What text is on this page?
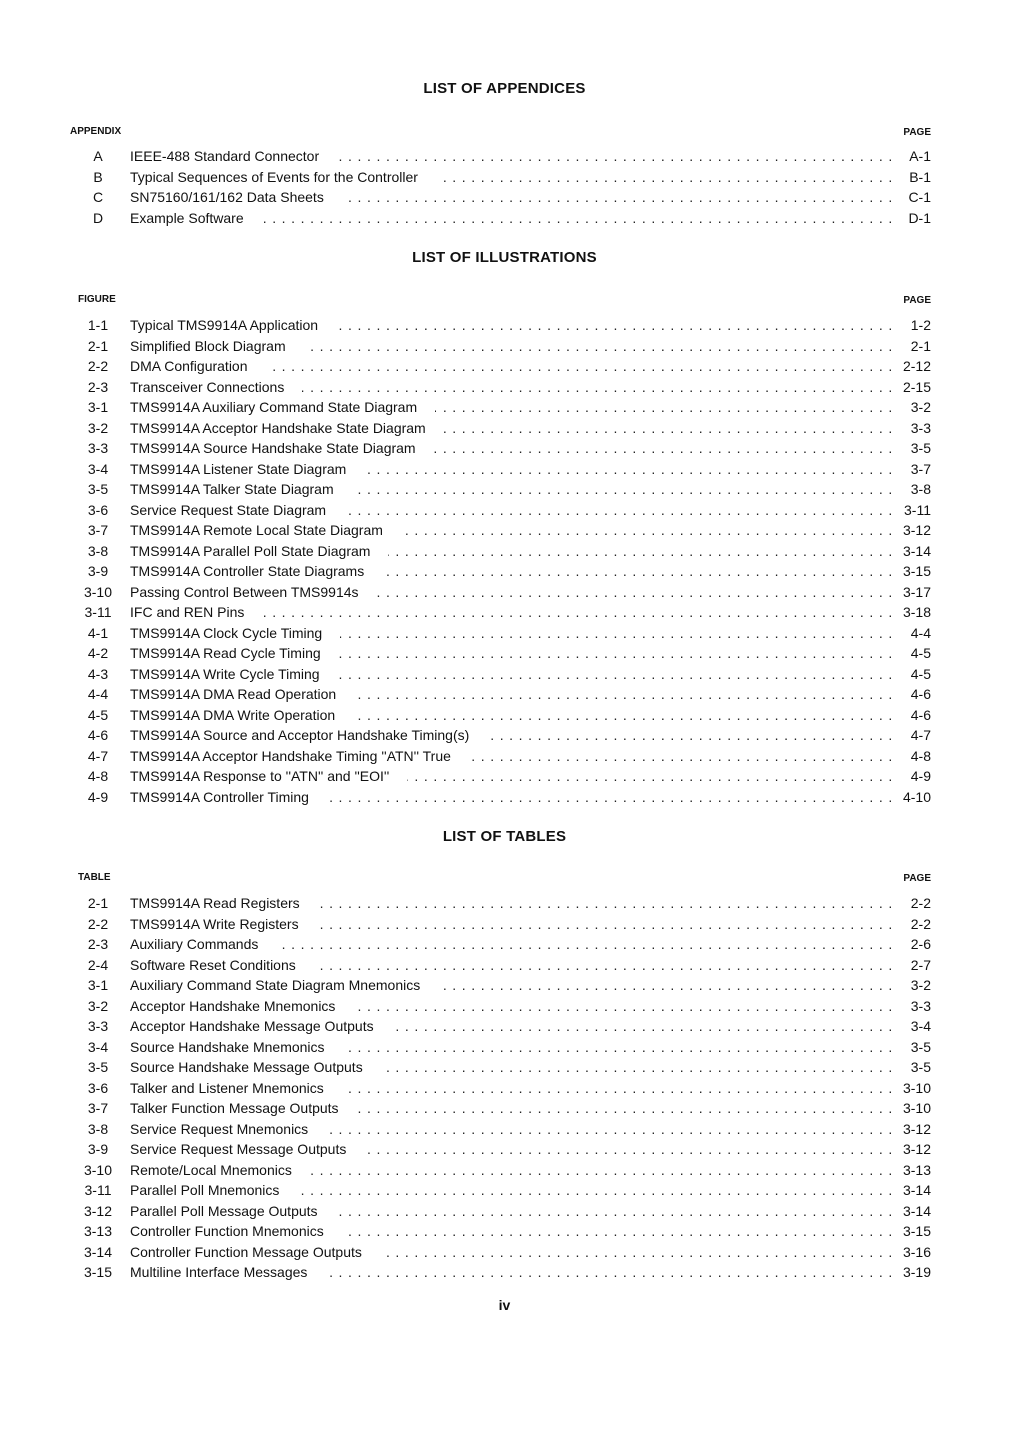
LIST OF APPENDICES
APPENDIX	PAGE
A	IEEE-488 Standard Connector . . .	A-1
B	Typical Sequences of Events for the Controller . . .	B-1
C	SN75160/161/162 Data Sheets . . .	C-1
D	Example Software . . .	D-1
LIST OF ILLUSTRATIONS
FIGURE	PAGE
1-1	Typical TMS9914A Application . . .	1-2
2-1	Simplified Block Diagram . . .	2-1
2-2	DMA Configuration . . .	2-12
2-3	Transceiver Connections . . .	2-15
3-1	TMS9914A Auxiliary Command State Diagram . . .	3-2
3-2	TMS9914A Acceptor Handshake State Diagram . . .	3-3
3-3	TMS9914A Source Handshake State Diagram . . .	3-5
3-4	TMS9914A Listener State Diagram . . .	3-7
3-5	TMS9914A Talker State Diagram . . .	3-8
3-6	Service Request State Diagram . . .	3-11
3-7	TMS9914A Remote Local State Diagram . . .	3-12
3-8	TMS9914A Parallel Poll State Diagram . . .	3-14
3-9	TMS9914A Controller State Diagrams . . .	3-15
3-10	Passing Control Between TMS9914s . . .	3-17
3-11	IFC and REN Pins . . .	3-18
4-1	TMS9914A Clock Cycle Timing . . .	4-4
4-2	TMS9914A Read Cycle Timing . . .	4-5
4-3	TMS9914A Write Cycle Timing . . .	4-5
4-4	TMS9914A DMA Read Operation . . .	4-6
4-5	TMS9914A DMA Write Operation . . .	4-6
4-6	TMS9914A Source and Acceptor Handshake Timing(s) . . .	4-7
4-7	TMS9914A Acceptor Handshake Timing ''ATN'' True . . .	4-8
4-8	TMS9914A Response to ''ATN'' and ''EOI'' . . .	4-9
4-9	TMS9914A Controller Timing . . .	4-10
LIST OF TABLES
TABLE	PAGE
2-1	TMS9914A Read Registers . . .	2-2
2-2	TMS9914A Write Registers . . .	2-2
2-3	Auxiliary Commands . . .	2-6
2-4	Software Reset Conditions . . .	2-7
3-1	Auxiliary Command State Diagram Mnemonics . . .	3-2
3-2	Acceptor Handshake Mnemonics . . .	3-3
3-3	Acceptor Handshake Message Outputs . . .	3-4
3-4	Source Handshake Mnemonics . . .	3-5
3-5	Source Handshake Message Outputs . . .	3-5
3-6	Talker and Listener Mnemonics . . .	3-10
3-7	Talker Function Message Outputs . . .	3-10
3-8	Service Request Mnemonics . . .	3-12
3-9	Service Request Message Outputs . . .	3-12
3-10	Remote/Local Mnemonics . . .	3-13
3-11	Parallel Poll Mnemonics . . .	3-14
3-12	Parallel Poll Message Outputs . . .	3-14
3-13	Controller Function Mnemonics . . .	3-15
3-14	Controller Function Message Outputs . . .	3-16
3-15	Multiline Interface Messages . . .	3-19
iv
